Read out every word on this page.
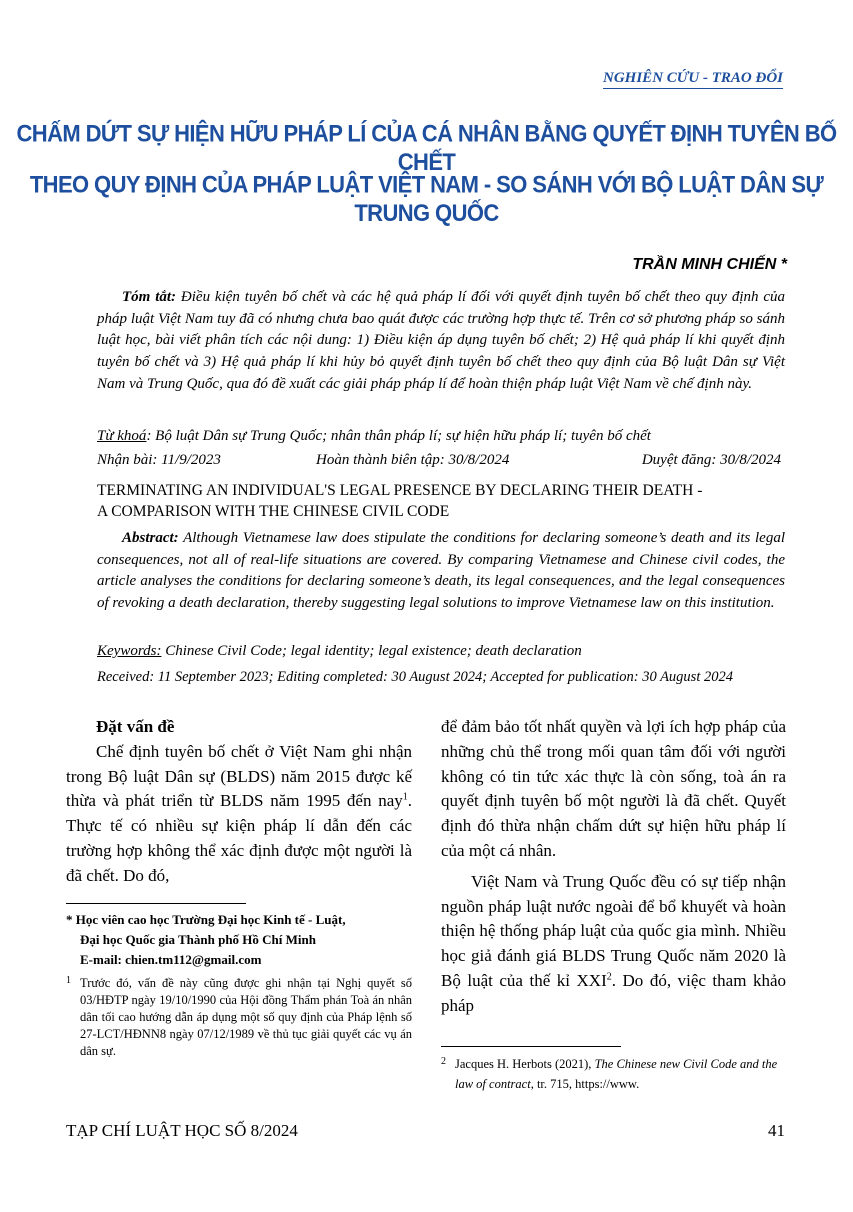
NGHIÊN CỨU - TRAO ĐỔI
CHẤM DỨT SỰ HIỆN HỮU PHÁP LÍ CỦA CÁ NHÂN BẰNG QUYẾT ĐỊNH TUYÊN BỐ CHẾT
THEO QUY ĐỊNH CỦA PHÁP LUẬT VIỆT NAM - SO SÁNH VỚI BỘ LUẬT DÂN SỰ TRUNG QUỐC
TRẦN MINH CHIẾN *
Tóm tắt: Điều kiện tuyên bố chết và các hệ quả pháp lí đối với quyết định tuyên bố chết theo quy định của pháp luật Việt Nam tuy đã có nhưng chưa bao quát được các trường hợp thực tế. Trên cơ sở phương pháp so sánh luật học, bài viết phân tích các nội dung: 1) Điều kiện áp dụng tuyên bố chết; 2) Hệ quả pháp lí khi quyết định tuyên bố chết và 3) Hệ quả pháp lí khi hủy bỏ quyết định tuyên bố chết theo quy định của Bộ luật Dân sự Việt Nam và Trung Quốc, qua đó đề xuất các giải pháp pháp lí để hoàn thiện pháp luật Việt Nam về chế định này.
Từ khoá: Bộ luật Dân sự Trung Quốc; nhân thân pháp lí; sự hiện hữu pháp lí; tuyên bố chết
Nhận bài: 11/9/2023	Hoàn thành biên tập: 30/8/2024	Duyệt đăng: 30/8/2024
TERMINATING AN INDIVIDUAL'S LEGAL PRESENCE BY DECLARING THEIR DEATH -
A COMPARISON WITH THE CHINESE CIVIL CODE
Abstract: Although Vietnamese law does stipulate the conditions for declaring someone’s death and its legal consequences, not all of real-life situations are covered. By comparing Vietnamese and Chinese civil codes, the article analyses the conditions for declaring someone’s death, its legal consequences, and the legal consequences of revoking a death declaration, thereby suggesting legal solutions to improve Vietnamese law on this institution.
Keywords: Chinese Civil Code; legal identity; legal existence; death declaration
Received: 11 September 2023; Editing completed: 30 August 2024; Accepted for publication: 30 August 2024
Đặt vấn đề

Chế định tuyên bố chết ở Việt Nam ghi nhận trong Bộ luật Dân sự (BLDS) năm 2015 được kế thừa và phát triển từ BLDS năm 1995 đến nay$^1$. Thực tế có nhiều sự kiện pháp lí dẫn đến các trường hợp không thể xác định được một người là đã chết. Do đó,

để đảm bảo tốt nhất quyền và lợi ích hợp pháp của những chủ thể trong mối quan tâm đối với người không có tin tức xác thực là còn sống, toà án ra quyết định tuyên bố một người là đã chết. Quyết định đó thừa nhận chấm dứt sự hiện hữu pháp lí của một cá nhân.

Việt Nam và Trung Quốc đều có sự tiếp nhận nguồn pháp luật nước ngoài để bổ khuyết và hoàn thiện hệ thống pháp luật của quốc gia mình. Nhiều học giả đánh giá BLDS Trung Quốc năm 2020 là Bộ luật của thế kỉ XXI$^2$. Do đó, việc tham khảo pháp

* Học viên cao học Trường Đại học Kinh tế - Luật,
Đại học Quốc gia Thành phố Hồ Chí Minh
E-mail: chien.tm112@gmail.com
1 Trước đó, vấn đề này cũng được ghi nhận tại Nghị quyết số 03/HĐTP ngày 19/10/1990 của Hội đồng Thẩm phán Toà án nhân dân tối cao hướng dẫn áp dụng một số quy định của Pháp lệnh số 27-LCT/HĐNN8 ngày 07/12/1989 về thủ tục giải quyết các vụ án dân sự.
2 Jacques H. Herbots (2021), The Chinese new Civil Code and the law of contract, tr. 715, https://www.
TẠP CHÍ LUẬT HỌC SỐ 8/2024	41
